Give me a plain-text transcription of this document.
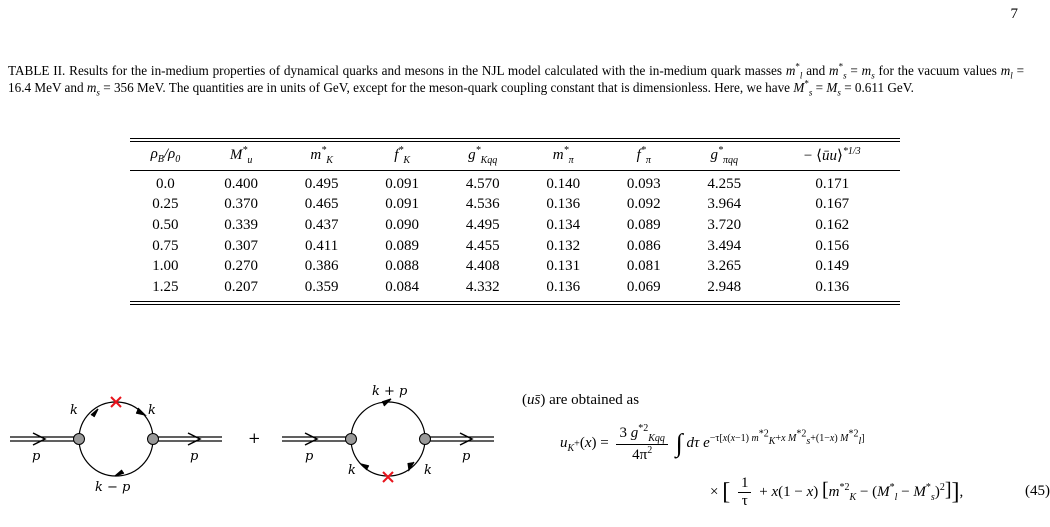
7
TABLE II. Results for the in-medium properties of dynamical quarks and mesons in the NJL model calculated with the in-medium quark masses $m^*_l$ and $m^*_s = m_s$ for the vacuum values $m_l = 16.4$ MeV and $m_s = 356$ MeV. The quantities are in units of GeV, except for the meson-quark coupling constant that is dimensionless. Here, we have $M^*_s = M_s = 0.611$ GeV.
$\rho_B/\rho_0$	$M^*_u$	$m^*_K$	$f^*_K$	$g^*_{Kqq}$	$m^*_\pi$	$f^*_\pi$	$g^*_{\pi qq}$	− ⟨ūu⟩$^{*1/3}$

0.0	0.400	0.495	0.091	4.570	0.140	0.093	4.255	0.171
0.25	0.370	0.465	0.091	4.536	0.136	0.092	3.964	0.167
0.50	0.339	0.437	0.090	4.495	0.134	0.089	3.720	0.162
0.75	0.307	0.411	0.089	4.455	0.132	0.086	3.494	0.156
1.00	0.270	0.386	0.088	4.408	0.131	0.081	3.265	0.149
1.25	0.207	0.359	0.084	4.332	0.136	0.069	2.948	0.136
k	k
p	p
k − p
+
k + p
p	p
k	k
(us̄) are obtained as
$u_{K^+}(x) = \frac{3 g^{*2}_{Kqq}}{4\pi^2}$ ∫ dτ $e^{-\tau[x(x-1) m^{*2}_K+x M^{*2}_s+(1-x) M^{*2}_l]}$
× [ $\frac{1}{\tau} + x(1 - x) [m^{*2}_K - (M^*_l - M^*_s)^2]$],	(45)
